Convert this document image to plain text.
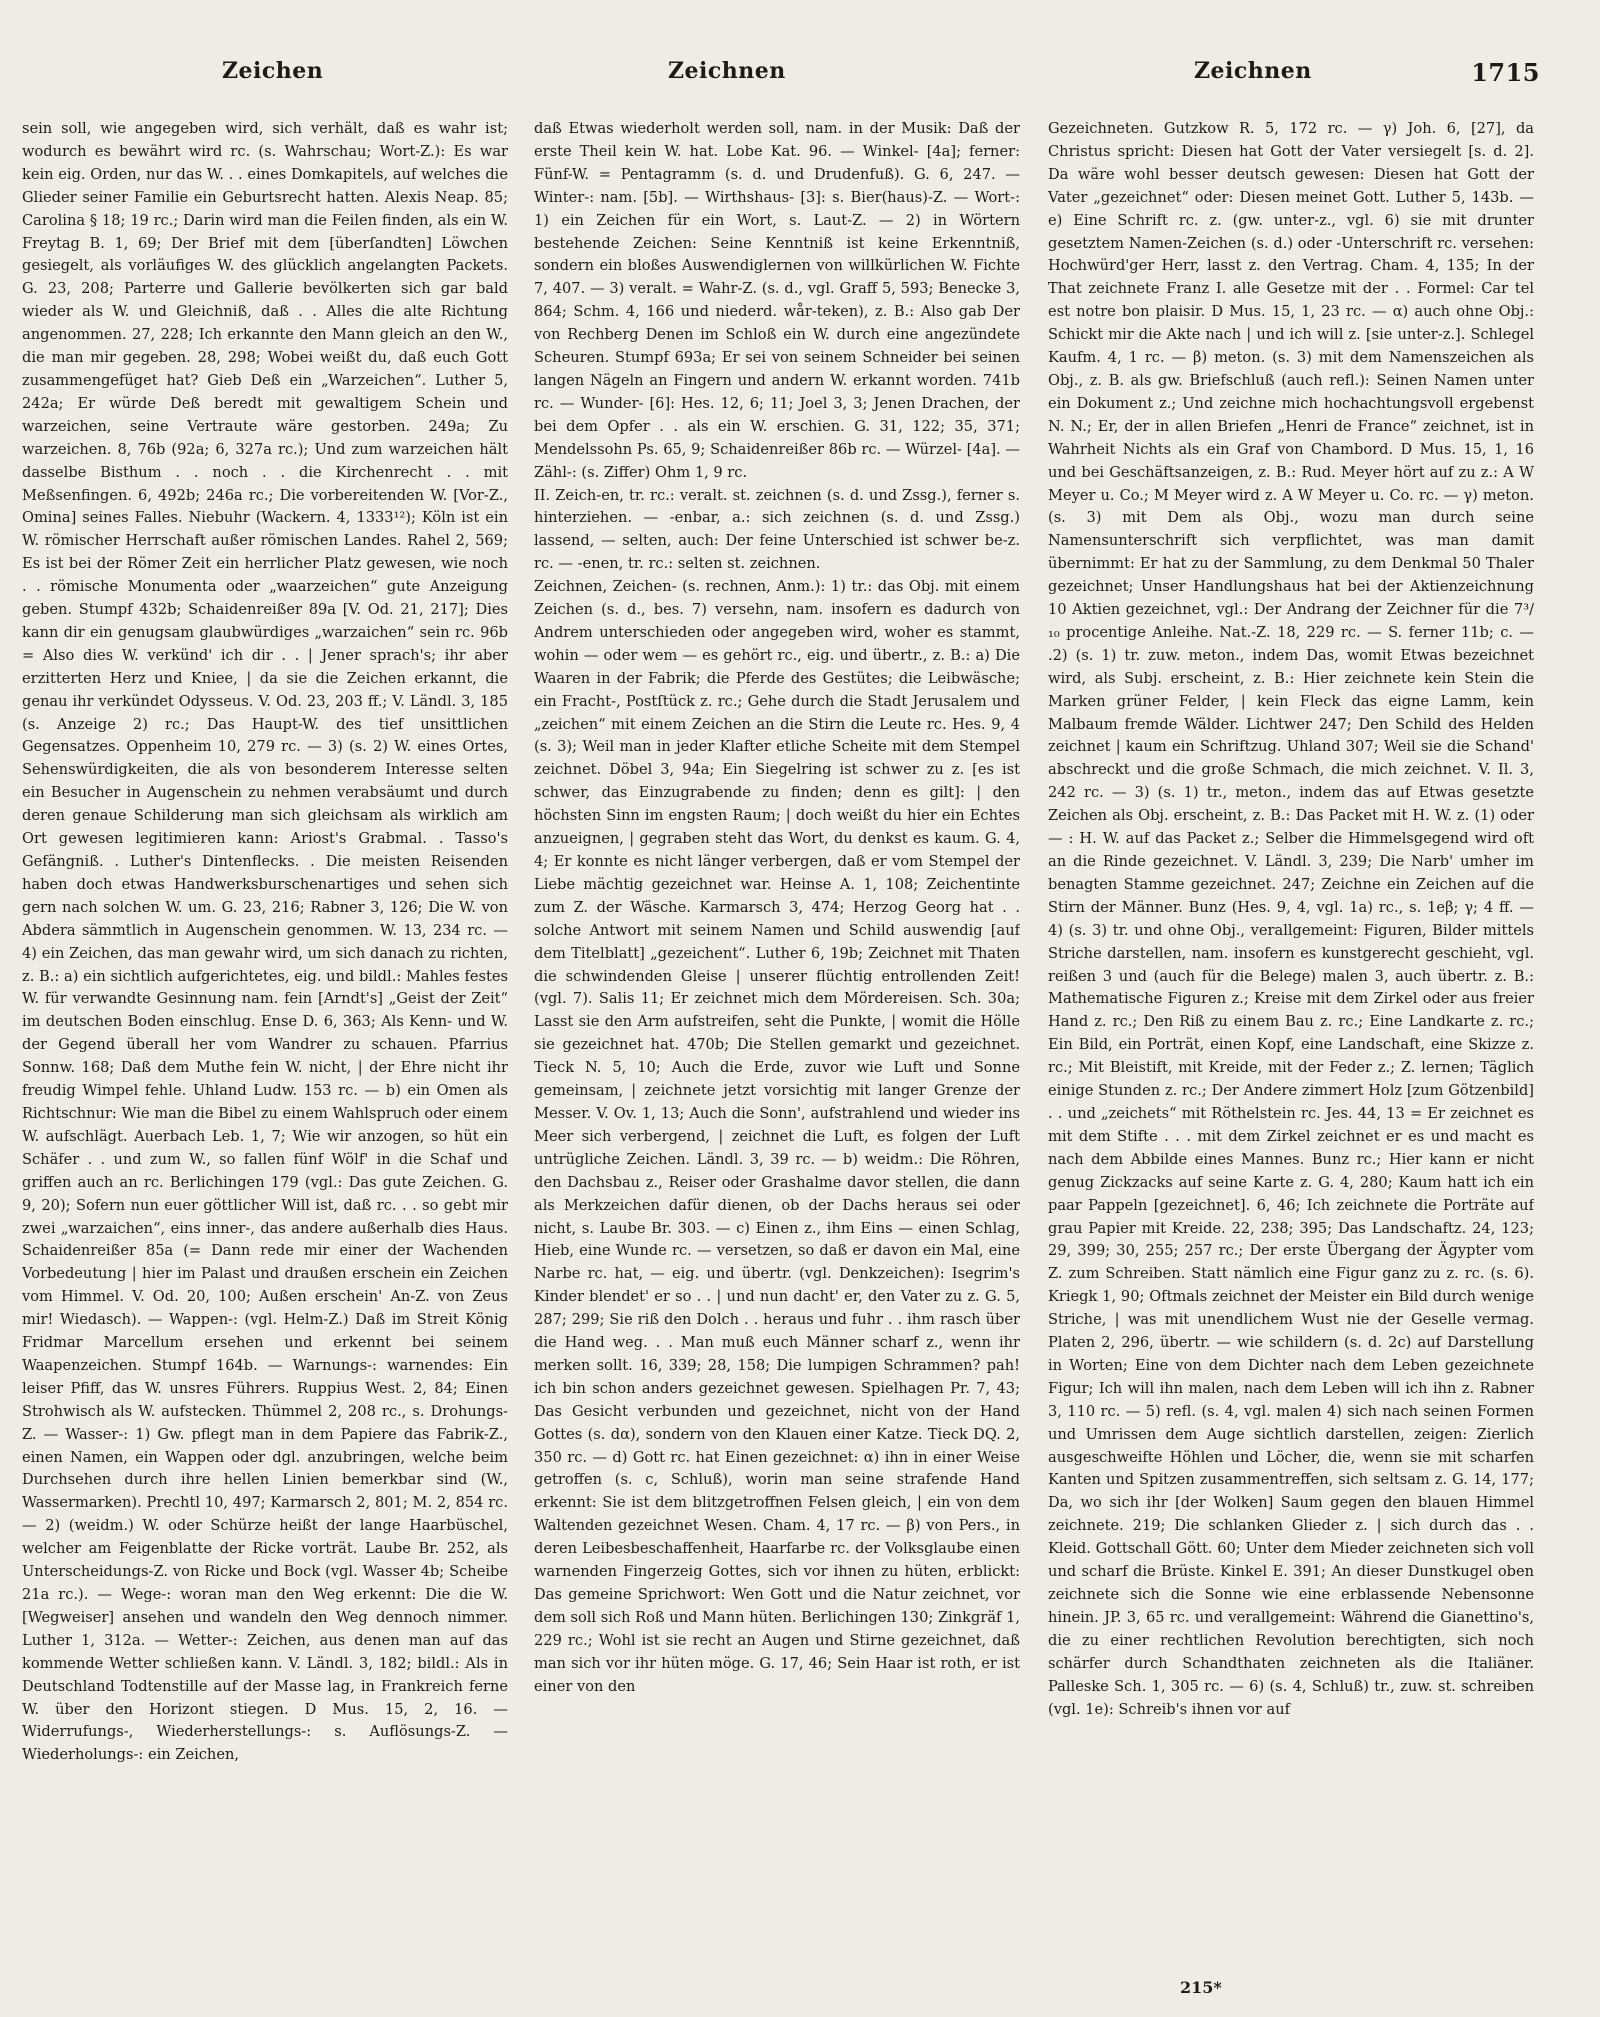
Zeichen	Zeichnen	Zeichnen	1715

sein soll, wie angegeben wird, sich verhält, daß es wahr ist; wodurch es bewährt wird rc. (s. Wahrschau; Wort-Z.): Es war kein eig. Orden, nur das W. . . eines Domkapitels, auf welches die Glieder seiner Familie ein Geburtsrecht hatten. Alexis Neap. 85; Carolina § 18; 19 rc.; Darin wird man die Feilen finden, als ein W. Freytag B. 1, 69; Der Brief mit dem [überſandten] Löwchen gesiegelt, als vorläufiges W. des glücklich angelangten Packets. G. 23, 208; Parterre und Gallerie bevölkerten sich gar bald wieder als W. und Gleichniß, daß . . Alles die alte Richtung angenommen. 27, 228; Ich erkannte den Mann gleich an den W., die man mir gegeben. 28, 298; Wobei weißt du, daß euch Gott zusammengefüget hat? Gieb Deß ein „Warzeichen“. Luther 5, 242a; Er würde Deß beredt mit gewaltigem Schein und warzeichen, seine Vertraute wäre gestorben. 249a; Zu warzeichen. 8, 76b (92a; 6, 327a rc.); Und zum warzeichen hält dasselbe Bisthum . . noch . . die Kirchenrecht . . mit Meßsenfingen. 6, 492b; 246a rc.; Die vorbereitenden W. [Vor-Z., Omina] seines Falles. Niebuhr (Wackern. 4, 1333¹²); Köln ist ein W. römischer Herrschaft außer römischen Landes. Rahel 2, 569; Es ist bei der Römer Zeit ein herrlicher Platz gewesen, wie noch . . römische Monumenta oder „waarzeichen“ gute Anzeigung geben. Stumpf 432b; Schaidenreißer 89a [V. Od. 21, 217]; Dies kann dir ein genugsam glaubwürdiges „warzaichen“ sein rc. 96b = Also dies W. verkünd' ich dir . . | Jener sprach's; ihr aber erzitterten Herz und Kniee, | da sie die Zeichen erkannt, die genau ihr verkündet Odysseus. V. Od. 23, 203 ff.; V. Ländl. 3, 185 (s. Anzeige 2) rc.; Das Haupt-W. des tief unsittlichen Gegensatzes. Oppenheim 10, 279 rc. — 3) (s. 2) W. eines Ortes, Sehenswürdigkeiten, die als von besonderem Interesse selten ein Besucher in Augenschein zu nehmen verabsäumt und durch deren genaue Schilderung man sich gleichsam als wirklich am Ort gewesen legitimieren kann: Ariost's Grabmal. . Tasso's Gefängniß. . Luther's Dintenflecks. . Die meisten Reisenden haben doch etwas Handwerksburschenartiges und sehen sich gern nach solchen W. um. G. 23, 216; Rabner 3, 126; Die W. von Abdera sämmtlich in Augenschein genommen. W. 13, 234 rc. — 4) ein Zeichen, das man gewahr wird, um sich danach zu richten, z. B.: a) ein sichtlich aufgerichtetes, eig. und bildl.: Mahles festes W. für verwandte Gesinnung nam. fein [Arndt's] „Geist der Zeit“ im deutschen Boden einschlug. Ense D. 6, 363; Als Kenn- und W. der Gegend überall her vom Wandrer zu schauen. Pfarrius Sonnw. 168; Daß dem Muthe fein W. nicht, | der Ehre nicht ihr freudig Wimpel fehle. Uhland Ludw. 153 rc. — b) ein Omen als Richtschnur: Wie man die Bibel zu einem Wahlspruch oder einem W. aufschlägt. Auerbach Leb. 1, 7; Wie wir anzogen, so hüt ein Schäfer . . und zum W., so fallen fünf Wölf' in die Schaf und griffen auch an rc. Berlichingen 179 (vgl.: Das gute Zeichen. G. 9, 20); Sofern nun euer göttlicher Will ist, daß rc. . . so gebt mir zwei „warzaichen“, eins inner-, das andere außerhalb dies Haus. Schaidenreißer 85a (= Dann rede mir einer der Wachenden Vorbedeutung | hier im Palast und draußen erschein ein Zeichen vom Himmel. V. Od. 20, 100; Außen erschein' An-Z. von Zeus mir! Wiedasch). — Wappen-: (vgl. Helm-Z.) Daß im Streit König Fridmar Marcellum ersehen und erkennt bei seinem Waapenzeichen. Stumpf 164b. — Warnungs-: warnendes: Ein leiser Pfiff, das W. unsres Führers. Ruppius West. 2, 84; Einen Strohwisch als W. aufstecken. Thümmel 2, 208 rc., s. Drohungs-Z. — Wasser-: 1) Gw. pflegt man in dem Papiere das Fabrik-Z., einen Namen, ein Wappen oder dgl. anzubringen, welche beim Durchsehen durch ihre hellen Linien bemerkbar sind (W., Wassermarken). Prechtl 10, 497; Karmarsch 2, 801; M. 2, 854 rc. — 2) (weidm.) W. oder Schürze heißt der lange Haarbüschel, welcher am Feigenblatte der Ricke vorträt. Laube Br. 252, als Unterscheidungs-Z. von Ricke und Bock (vgl. Wasser 4b; Scheibe 21a rc.). — Wege-: woran man den Weg erkennt: Die die W. [Wegweiser] ansehen und wandeln den Weg dennoch nimmer. Luther 1, 312a. — Wetter-: Zeichen, aus denen man auf das kommende Wetter schließen kann. V. Ländl. 3, 182; bildl.: Als in Deutschland Todtenstille auf der Masse lag, in Frankreich ferne W. über den Horizont stiegen. D Mus. 15, 2, 16. — Widerrufungs-, Wiederherstellungs-: s. Auflösungs-Z. — Wiederholungs-: ein Zeichen,

daß Etwas wiederholt werden soll, nam. in der Musik: Daß der erste Theil kein W. hat. Lobe Kat. 96. — Winkel- [4a]; ferner: Fünf-W. = Pentagramm (s. d. und Drudenfuß). G. 6, 247. — Winter-: nam. [5b]. — Wirthshaus- [3]: s. Bier(haus)-Z. — Wort-: 1) ein Zeichen für ein Wort, s. Laut-Z. — 2) in Wörtern bestehende Zeichen: Seine Kenntniß ist keine Erkenntniß, sondern ein bloßes Auswendiglernen von willkürlichen W. Fichte 7, 407. — 3) veralt. = Wahr-Z. (s. d., vgl. Graff 5, 593; Benecke 3, 864; Schm. 4, 166 und niederd. wår-teken), z. B.: Also gab Der von Rechberg Denen im Schloß ein W. durch eine angezündete Scheuren. Stumpf 693a; Er sei von seinem Schneider bei seinen langen Nägeln an Fingern und andern W. erkannt worden. 741b rc. — Wunder- [6]: Hes. 12, 6; 11; Joel 3, 3; Jenen Drachen, der bei dem Opfer . . als ein W. erschien. G. 31, 122; 35, 371; Mendelssohn Ps. 65, 9; Schaidenreißer 86b rc. — Würzel- [4a]. — Zähl-: (s. Ziffer) Ohm 1, 9 rc.

II. Zeich-en, tr. rc.: veralt. st. zeichnen (s. d. und Zssg.), ferner s. hinterziehen. — -enbar, a.: sich zeichnen (s. d. und Zssg.) lassend, — selten, auch: Der feine Unterschied ist schwer be-z. rc. — -enen, tr. rc.: selten st. zeichnen.

Zeichnen, Zeichen- (s. rechnen, Anm.): 1) tr.: das Obj. mit einem Zeichen (s. d., bes. 7) versehn, nam. insofern es dadurch von Andrem unterschieden oder angegeben wird, woher es stammt, wohin — oder wem — es gehört rc., eig. und übertr., z. B.: a) Die Waaren in der Fabrik; die Pferde des Gestütes; die Leibwäsche; ein Fracht-, Postſtück z. rc.; Gehe durch die Stadt Jerusalem und „zeichen“ mit einem Zeichen an die Stirn die Leute rc. Hes. 9, 4 (s. 3); Weil man in jeder Klafter etliche Scheite mit dem Stempel zeichnet. Döbel 3, 94a; Ein Siegelring ist schwer zu z. [es ist schwer, das Einzugrabende zu finden; denn es gilt]: | den höchsten Sinn im engsten Raum; | doch weißt du hier ein Echtes anzueignen, | gegraben steht das Wort, du denkst es kaum. G. 4, 4; Er konnte es nicht länger verbergen, daß er vom Stempel der Liebe mächtig gezeichnet war. Heinse A. 1, 108; Zeichentinte zum Z. der Wäsche. Karmarsch 3, 474; Herzog Georg hat . . solche Antwort mit seinem Namen und Schild auswendig [auf dem Titelblatt] „gezeichent“. Luther 6, 19b; Zeichnet mit Thaten die schwindenden Gleise | unserer flüchtig entrollenden Zeit! (vgl. 7). Salis 11; Er zeichnet mich dem Mördereisen. Sch. 30a; Lasst sie den Arm aufstreifen, seht die Punkte, | womit die Hölle sie gezeichnet hat. 470b; Die Stellen gemarkt und gezeichnet. Tieck N. 5, 10; Auch die Erde, zuvor wie Luft und Sonne gemeinsam, | zeichnete jetzt vorsichtig mit langer Grenze der Messer. V. Ov. 1, 13; Auch die Sonn', aufstrahlend und wieder ins Meer sich verbergend, | zeichnet die Luft, es folgen der Luft untrügliche Zeichen. Ländl. 3, 39 rc. — b) weidm.: Die Röhren, den Dachsbau z., Reiser oder Grashalme davor stellen, die dann als Merkzeichen dafür dienen, ob der Dachs heraus sei oder nicht, s. Laube Br. 303. — c) Einen z., ihm Eins — einen Schlag, Hieb, eine Wunde rc. — versetzen, so daß er davon ein Mal, eine Narbe rc. hat, — eig. und übertr. (vgl. Denkzeichen): Isegrim's Kinder blendet' er so . . | und nun dacht' er, den Vater zu z. G. 5, 287; 299; Sie riß den Dolch . . heraus und fuhr . . ihm rasch über die Hand weg. . . Man muß euch Männer scharf z., wenn ihr merken sollt. 16, 339; 28, 158; Die lumpigen Schrammen? pah! ich bin schon anders gezeichnet gewesen. Spielhagen Pr. 7, 43; Das Gesicht verbunden und gezeichnet, nicht von der Hand Gottes (s. dα), sondern von den Klauen einer Katze. Tieck DQ. 2, 350 rc. — d) Gott rc. hat Einen gezeichnet: α) ihn in einer Weise getroffen (s. c, Schluß), worin man seine strafende Hand erkennt: Sie ist dem blitzgetroffnen Felsen gleich, | ein von dem Waltenden gezeichnet Wesen. Cham. 4, 17 rc. — β) von Pers., in deren Leibesbeschaffenheit, Haarfarbe rc. der Volksglaube einen warnenden Fingerzeig Gottes, sich vor ihnen zu hüten, erblickt: Das gemeine Sprichwort: Wen Gott und die Natur zeichnet, vor dem soll sich Roß und Mann hüten. Berlichingen 130; Zinkgräf 1, 229 rc.; Wohl ist sie recht an Augen und Stirne gezeichnet, daß man sich vor ihr hüten möge. G. 17, 46; Sein Haar ist roth, er ist einer von den

Gezeichneten. Gutzkow R. 5, 172 rc. — γ) Joh. 6, [27], da Christus spricht: Diesen hat Gott der Vater versiegelt [s. d. 2]. Da wäre wohl besser deutsch gewesen: Diesen hat Gott der Vater „gezeichnet“ oder: Diesen meinet Gott. Luther 5, 143b. — e) Eine Schrift rc. z. (gw. unter-z., vgl. 6) sie mit drunter gesetztem Namen-Zeichen (s. d.) oder -Unterschrift rc. versehen: Hochwürd'ger Herr, lasst z. den Vertrag. Cham. 4, 135; In der That zeichnete Franz I. alle Gesetze mit der . . Formel: Car tel est notre bon plaisir. D Mus. 15, 1, 23 rc. — α) auch ohne Obj.: Schickt mir die Akte nach | und ich will z. [sie unter-z.]. Schlegel Kaufm. 4, 1 rc. — β) meton. (s. 3) mit dem Namenszeichen als Obj., z. B. als gw. Briefschluß (auch refl.): Seinen Namen unter ein Dokument z.; Und zeichne mich hochachtungsvoll ergebenst N. N.; Er, der in allen Briefen „Henri de France“ zeichnet, ist in Wahrheit Nichts als ein Graf von Chambord. D Mus. 15, 1, 16 und bei Geschäftsanzeigen, z. B.: Rud. Meyer hört auf zu z.: A W Meyer u. Co.; M Meyer wird z. A W Meyer u. Co. rc. — γ) meton. (s. 3) mit Dem als Obj., wozu man durch seine Namensunterschrift sich verpflichtet, was man damit übernimmt: Er hat zu der Sammlung, zu dem Denkmal 50 Thaler gezeichnet; Unser Handlungshaus hat bei der Aktienzeichnung 10 Aktien gezeichnet, vgl.: Der Andrang der Zeichner für die 7³/₁₀ procentige Anleihe. Nat.-Z. 18, 229 rc. — S. ferner 11b; c. — .2) (s. 1) tr. zuw. meton., indem Das, womit Etwas bezeichnet wird, als Subj. erscheint, z. B.: Hier zeichnete kein Stein die Marken grüner Felder, | kein Fleck das eigne Lamm, kein Malbaum fremde Wälder. Lichtwer 247; Den Schild des Helden zeichnet | kaum ein Schriftzug. Uhland 307; Weil sie die Schand' abschreckt und die große Schmach, die mich zeichnet. V. Il. 3, 242 rc. — 3) (s. 1) tr., meton., indem das auf Etwas gesetzte Zeichen als Obj. erscheint, z. B.: Das Packet mit H. W. z. (1) oder — : H. W. auf das Packet z.; Selber die Himmelsgegend wird oft an die Rinde gezeichnet. V. Ländl. 3, 239; Die Narb' umher im benagten Stamme gezeichnet. 247; Zeichne ein Zeichen auf die Stirn der Männer. Bunz (Hes. 9, 4, vgl. 1a) rc., s. 1eβ; γ; 4 ff. — 4) (s. 3) tr. und ohne Obj., verallgemeint: Figuren, Bilder mittels Striche darstellen, nam. insofern es kunstgerecht geschieht, vgl. reißen 3 und (auch für die Belege) malen 3, auch übertr. z. B.: Mathematische Figuren z.; Kreise mit dem Zirkel oder aus freier Hand z. rc.; Den Riß zu einem Bau z. rc.; Eine Landkarte z. rc.; Ein Bild, ein Porträt, einen Kopf, eine Landschaft, eine Skizze z. rc.; Mit Bleistift, mit Kreide, mit der Feder z.; Z. lernen; Täglich einige Stunden z. rc.; Der Andere zimmert Holz [zum Götzenbild] . . und „zeichets“ mit Röthelstein rc. Jes. 44, 13 = Er zeichnet es mit dem Stifte . . . mit dem Zirkel zeichnet er es und macht es nach dem Abbilde eines Mannes. Bunz rc.; Hier kann er nicht genug Zickzacks auf seine Karte z. G. 4, 280; Kaum hatt ich ein paar Pappeln [gezeichnet]. 6, 46; Ich zeichnete die Porträte auf grau Papier mit Kreide. 22, 238; 395; Das Landschaftz. 24, 123; 29, 399; 30, 255; 257 rc.; Der erste Übergang der Ägypter vom Z. zum Schreiben. Statt nämlich eine Figur ganz zu z. rc. (s. 6). Kriegk 1, 90; Oftmals zeichnet der Meister ein Bild durch wenige Striche, | was mit unendlichem Wust nie der Geselle vermag. Platen 2, 296, übertr. — wie schildern (s. d. 2c) auf Darstellung in Worten; Eine von dem Dichter nach dem Leben gezeichnete Figur; Ich will ihn malen, nach dem Leben will ich ihn z. Rabner 3, 110 rc. — 5) refl. (s. 4, vgl. malen 4) sich nach seinen Formen und Umrissen dem Auge sichtlich darstellen, zeigen: Zierlich ausgeschweifte Höhlen und Löcher, die, wenn sie mit scharfen Kanten und Spitzen zusammentreffen, sich seltsam z. G. 14, 177; Da, wo sich ihr [der Wolken] Saum gegen den blauen Himmel zeichnete. 219; Die schlanken Glieder z. | sich durch das . . Kleid. Gottschall Gött. 60; Unter dem Mieder zeichneten sich voll und scharf die Brüste. Kinkel E. 391; An dieser Dunstkugel oben zeichnete sich die Sonne wie eine erblassende Nebensonne hinein. JP. 3, 65 rc. und verallgemeint: Während die Gianettino's, die zu einer rechtlichen Revolution berechtigten, sich noch schärfer durch Schandthaten zeichneten als die Italiäner. Palleske Sch. 1, 305 rc. — 6) (s. 4, Schluß) tr., zuw. st. schreiben (vgl. 1e): Schreib's ihnen vor auf

215*
